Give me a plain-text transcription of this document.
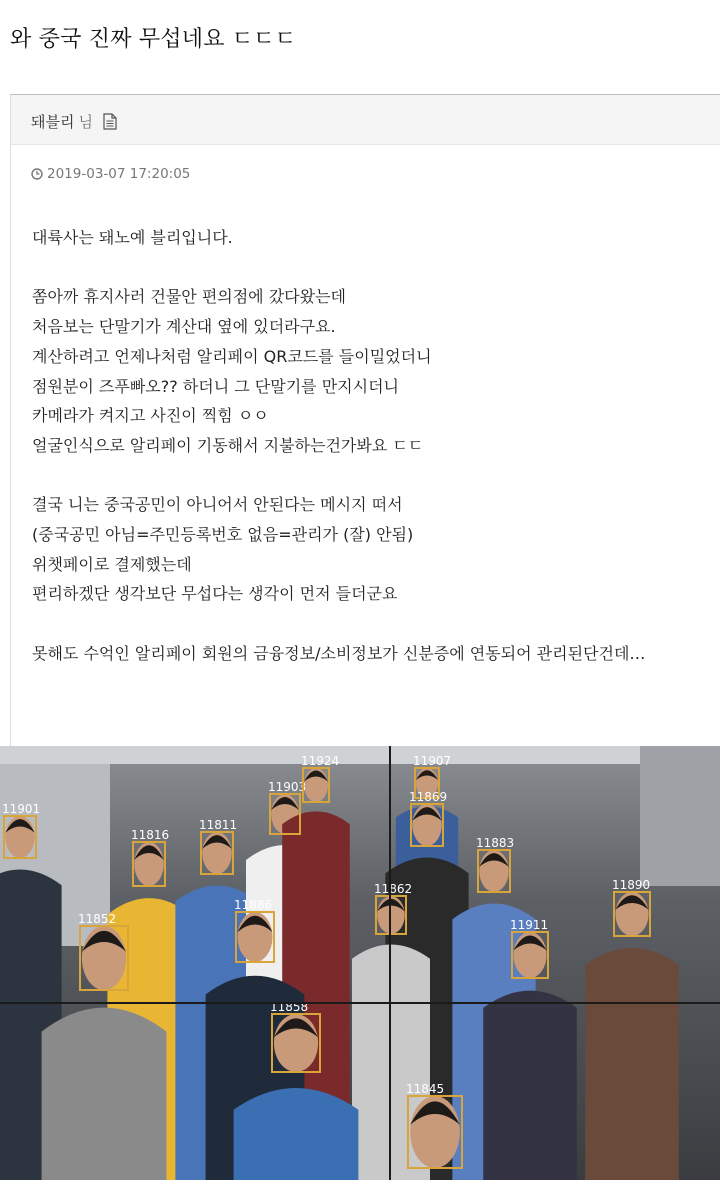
와 중국 진짜 무섭네요 ㄷㄷㄷ
돼블리 님
2019-03-07 17:20:05
대륙사는 돼노예 블리입니다.

쫌아까 휴지사러 건물안 편의점에 갔다왔는데
처음보는 단말기가 계산대 옆에 있더라구요.
계산하려고 언제나처럼 알리페이 QR코드를 들이밀었더니
점원분이 즈푸빠오?? 하더니 그 단말기를 만지시더니
카메라가 켜지고 사진이 찍힘 ㅇㅇ
얼굴인식으로 알리페이 기동해서 지불하는건가봐요 ㄷㄷ

결국 니는 중국공민이 아니어서 안된다는 메시지 떠서
(중국공민 아님=주민등록번호 없음=관리가 (잘) 안됨)
위챗페이로 결제했는데
편리하겠단 생각보단 무섭다는 생각이 먼저 들더군요

못해도 수억인 알리페이 회원의 금융정보/소비정보가 신분증에 연동되어 관리된단건데…
11901
11816
11811
11903
11924	11907
11869
11883
11852
11886
11862
11911
11890
11858
11845
